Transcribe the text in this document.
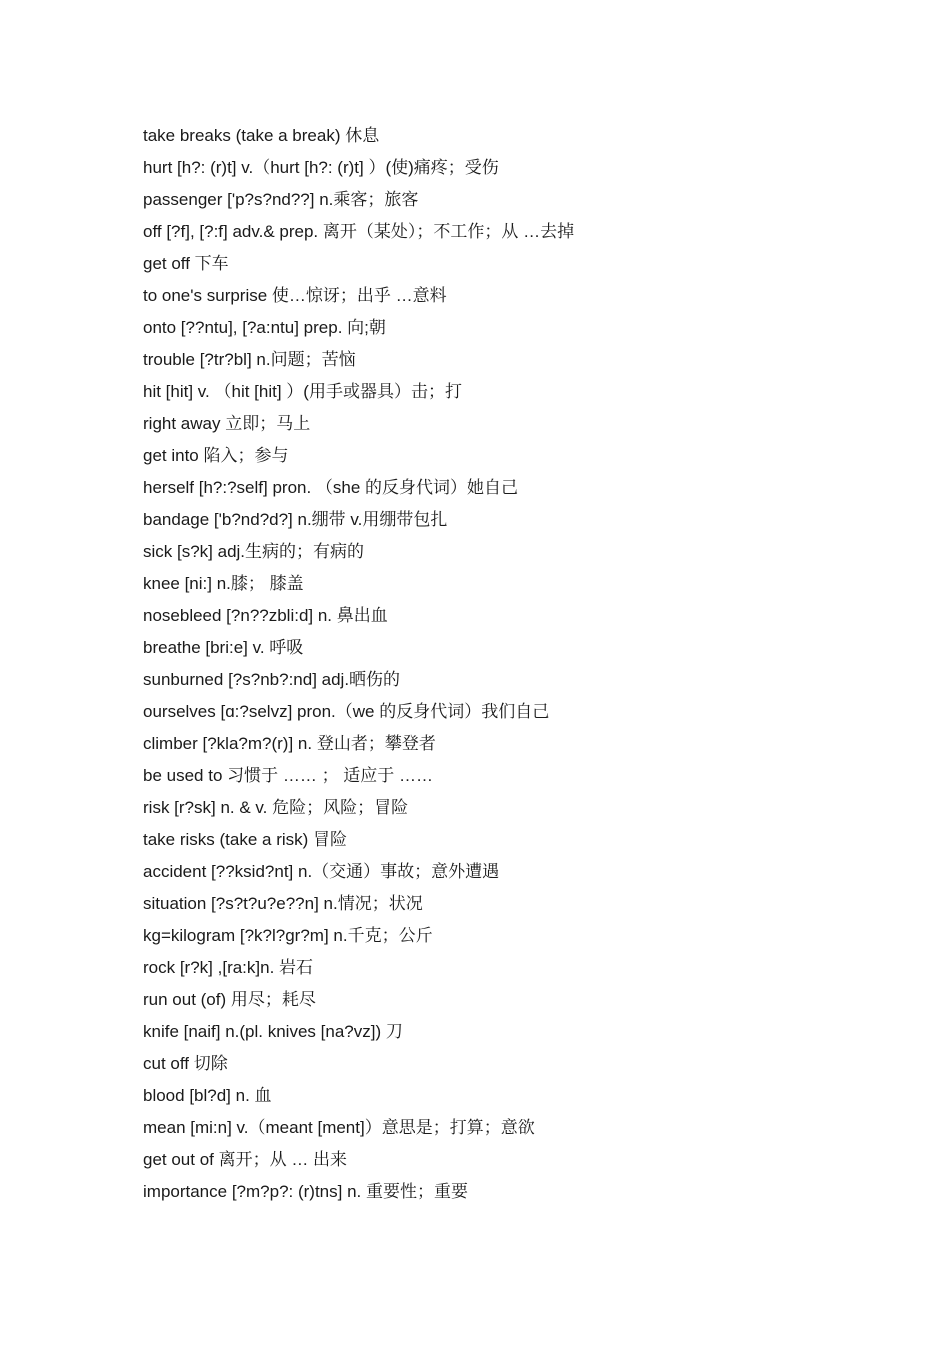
take breaks (take a break) 休息
hurt [h?: (r)t] v.（hurt [h?: (r)t] ）(使)痛疼；受伤
passenger ['p?s?nd??] n.乘客；旅客
off [?f], [?:f] adv.& prep. 离开（某处）；不工作；从 …去掉
get off 下车
to one's surprise 使…惊讶；出乎 …意料
onto [??ntu], [?a:ntu] prep. 向;朝
trouble [?tr?bl] n.问题；苦恼
hit [hit] v. （hit [hit] ）(用手或器具）击；打
right away 立即；马上
get into 陷入；参与
herself [h?:?self] pron. （she 的反身代词）她自己
bandage ['b?nd?d?] n.绷带 v.用绷带包扎
sick [s?k] adj.生病的；有病的
knee [ni:] n.膝； 膝盖
nosebleed [?n??zbli:d] n. 鼻出血
breathe [bri:e] v. 呼吸
sunburned [?s?nb?:nd] adj.晒伤的
ourselves [ɑ:?selvz] pron.（we 的反身代词）我们自己
climber [?kla?m?(r)] n. 登山者；攀登者
be used to 习惯于 …… ； 适应于 ……
risk [r?sk] n. & v. 危险；风险；冒险
take risks (take a risk) 冒险
accident [??ksid?nt] n.（交通）事故；意外遭遇
situation [?s?t?u?e??n] n.情况；状况
kg=kilogram [?k?l?gr?m] n.千克；公斤
rock [r?k] ,[ra:k]n. 岩石
run out (of) 用尽；耗尽
knife [naif] n.(pl. knives [na?vz]) 刀
cut off 切除
blood [bl?d] n. 血
mean [mi:n] v.（meant [ment]）意思是；打算；意欲
get out of 离开；从 … 出来
importance [?m?p?: (r)tns] n. 重要性；重要
